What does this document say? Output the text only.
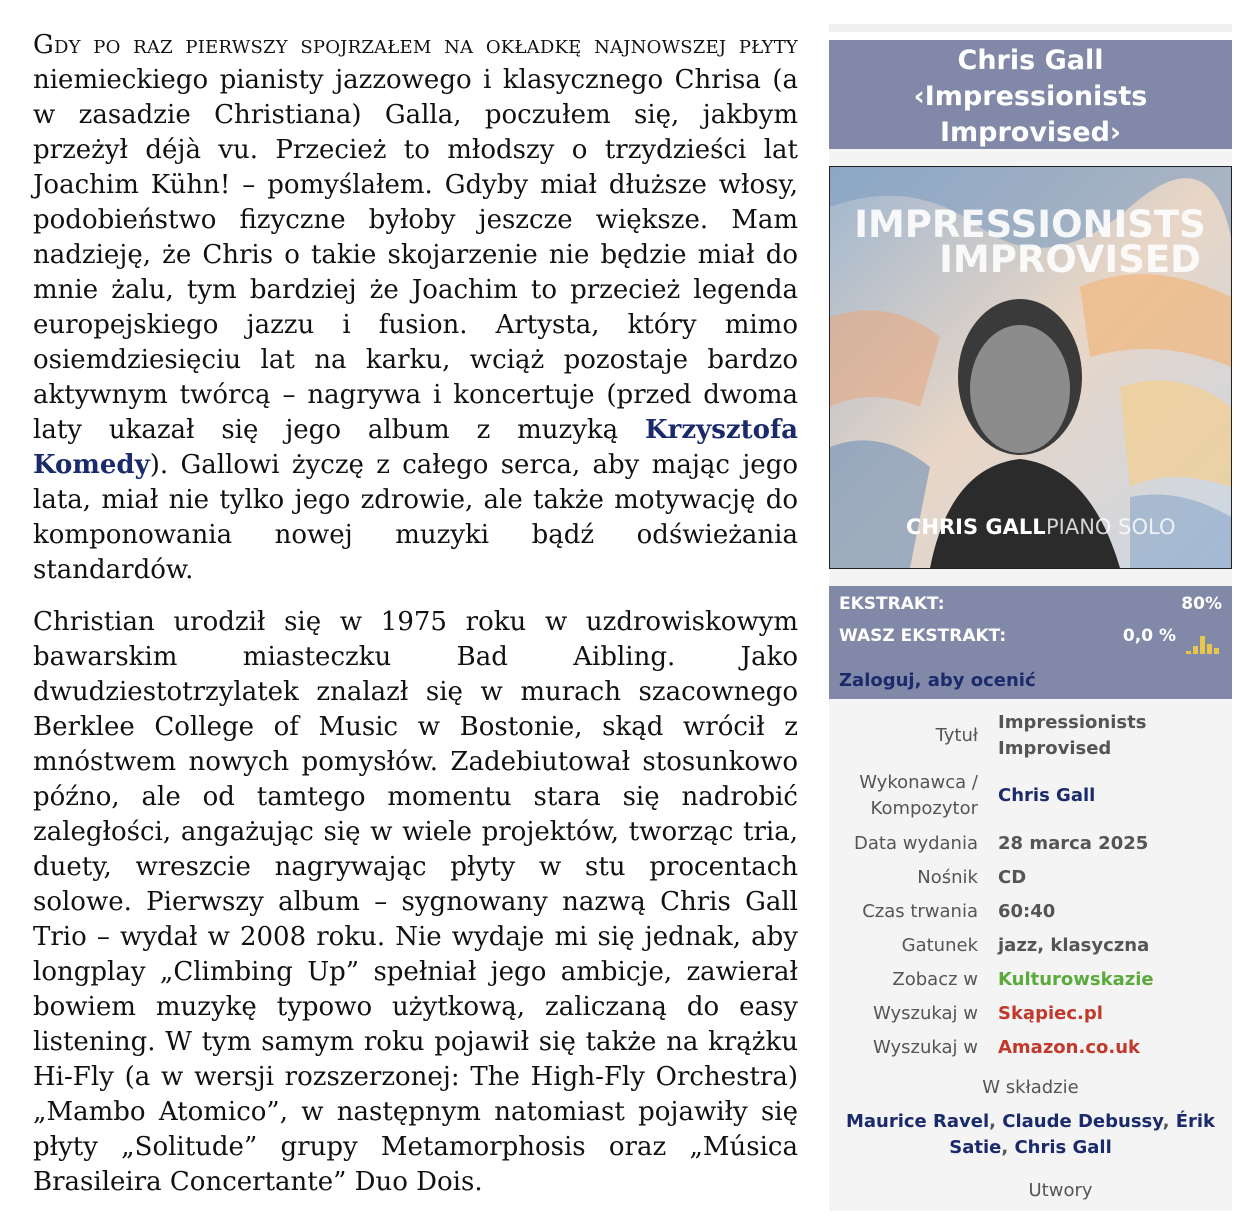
Gdy po raz pierwszy spojrzałem na okładkę najnowszej płyty niemieckiego pianisty jazzowego i klasycznego Chrisa (a w zasadzie Christiana) Galla, poczułem się, jakbym przeżył déjà vu. Przecież to młodszy o trzydzieści lat Joachim Kühn! – pomyślałem. Gdyby miał dłuższe włosy, podobieństwo fizyczne byłoby jeszcze większe. Mam nadzieję, że Chris o takie skojarzenie nie będzie miał do mnie żalu, tym bardziej że Joachim to przecież legenda europejskiego jazzu i fusion. Artysta, który mimo osiemdziesięciu lat na karku, wciąż pozostaje bardzo aktywnym twórcą – nagrywa i koncertuje (przed dwoma laty ukazał się jego album z muzyką Krzysztofa Komedy). Gallowi życzę z całego serca, aby mając jego lata, miał nie tylko jego zdrowie, ale także motywację do komponowania nowej muzyki bądź odświeżania standardów.

Christian urodził się w 1975 roku w uzdrowiskowym bawarskim miasteczku Bad Aibling. Jako dwudziestotrzylatek znalazł się w murach szacownego Berklee College of Music w Bostonie, skąd wrócił z mnóstwem nowych pomysłów. Zadebiutował stosunkowo późno, ale od tamtego momentu stara się nadrobić zaległości, angażując się w wiele projektów, tworząc tria, duety, wreszcie nagrywając płyty w stu procentach solowe. Pierwszy album – sygnowany nazwą Chris Gall Trio – wydał w 2008 roku. Nie wydaje mi się jednak, aby longplay „Climbing Up” spełniał jego ambicje, zawierał bowiem muzykę typowo użytkową, zaliczaną do easy listening. W tym samym roku pojawił się także na krążku Hi-Fly (a w wersji rozszerzonej: The High-Fly Orchestra) „Mambo Atomico”, w następnym natomiast pojawiły się płyty „Solitude” grupy Metamorphosis oraz „Música Brasileira Concertante” Duo Dois.

Chris Gall
‹Impressionists
Improvised›
IMPRESSIONISTS
IMPROVISED
CHRIS GALL PIANO SOLO
EKSTRAKT:	80%
WASZ EKSTRAKT:	0,0 %
Zaloguj, aby ocenić
Tytuł
Impressionists
Improvised
Wykonawca /
Kompozytor
Chris Gall
Data wydania 28 marca 2025
Nośnik CD
Czas trwania 60:40
Gatunek jazz, klasyczna
Zobacz w Kulturowskazie
Wyszukaj w Skąpiec.pl
Wyszukaj w Amazon.co.uk
W składzie
Maurice Ravel, Claude Debussy, Érik Satie, Chris Gall
Utwory
